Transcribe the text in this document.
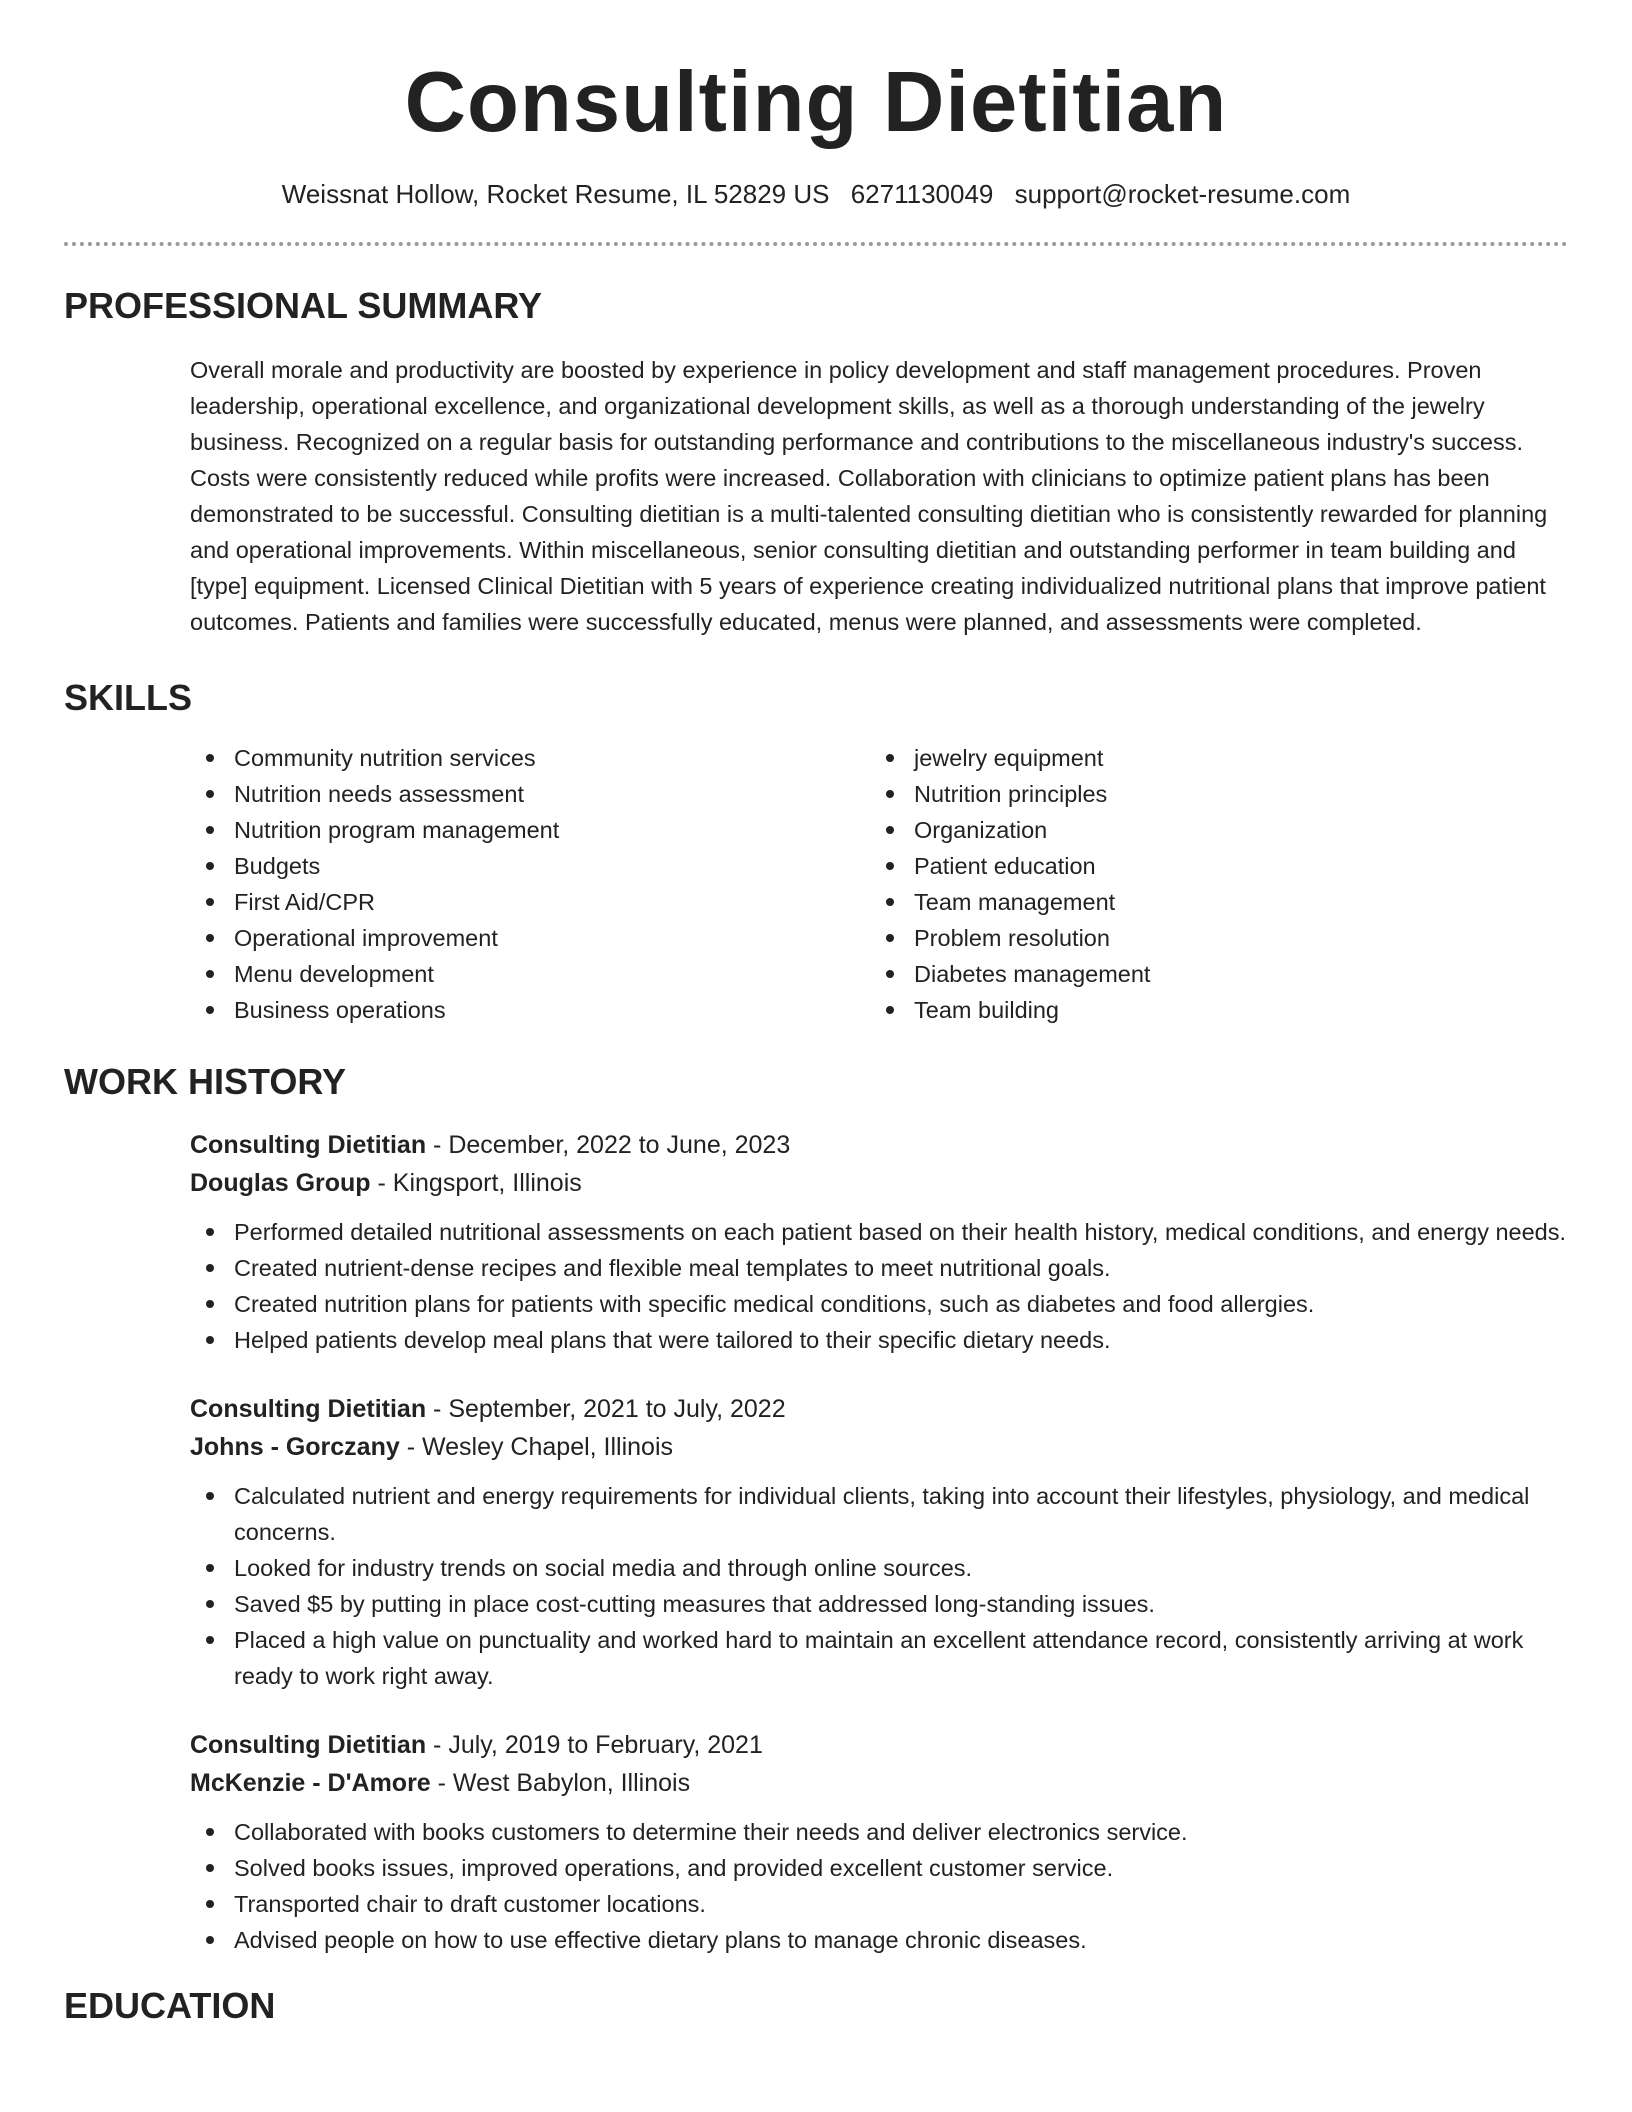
Consulting Dietitian
Weissnat Hollow, Rocket Resume, IL 52829 US 6271130049 support@rocket-resume.com
PROFESSIONAL SUMMARY

Overall morale and productivity are boosted by experience in policy development and staff management procedures. Proven leadership, operational excellence, and organizational development skills, as well as a thorough understanding of the jewelry business. Recognized on a regular basis for outstanding performance and contributions to the miscellaneous industry's success. Costs were consistently reduced while profits were increased. Collaboration with clinicians to optimize patient plans has been demonstrated to be successful. Consulting dietitian is a multi-talented consulting dietitian who is consistently rewarded for planning and operational improvements. Within miscellaneous, senior consulting dietitian and outstanding performer in team building and [type] equipment. Licensed Clinical Dietitian with 5 years of experience creating individualized nutritional plans that improve patient outcomes. Patients and families were successfully educated, menus were planned, and assessments were completed.

SKILLS
Community nutrition services
Nutrition needs assessment
Nutrition program management
Budgets
First Aid/CPR
Operational improvement
Menu development
Business operations
jewelry equipment
Nutrition principles
Organization
Patient education
Team management
Problem resolution
Diabetes management
Team building
WORK HISTORY
Consulting Dietitian - December, 2022 to June, 2023
Douglas Group - Kingsport, Illinois
Performed detailed nutritional assessments on each patient based on their health history, medical conditions, and energy needs.
Created nutrient-dense recipes and flexible meal templates to meet nutritional goals.
Created nutrition plans for patients with specific medical conditions, such as diabetes and food allergies.
Helped patients develop meal plans that were tailored to their specific dietary needs.
Consulting Dietitian - September, 2021 to July, 2022
Johns - Gorczany - Wesley Chapel, Illinois
Calculated nutrient and energy requirements for individual clients, taking into account their lifestyles, physiology, and medical concerns.
Looked for industry trends on social media and through online sources.
Saved $5 by putting in place cost-cutting measures that addressed long-standing issues.
Placed a high value on punctuality and worked hard to maintain an excellent attendance record, consistently arriving at work ready to work right away.
Consulting Dietitian - July, 2019 to February, 2021
McKenzie - D'Amore - West Babylon, Illinois
Collaborated with books customers to determine their needs and deliver electronics service.
Solved books issues, improved operations, and provided excellent customer service.
Transported chair to draft customer locations.
Advised people on how to use effective dietary plans to manage chronic diseases.
EDUCATION
